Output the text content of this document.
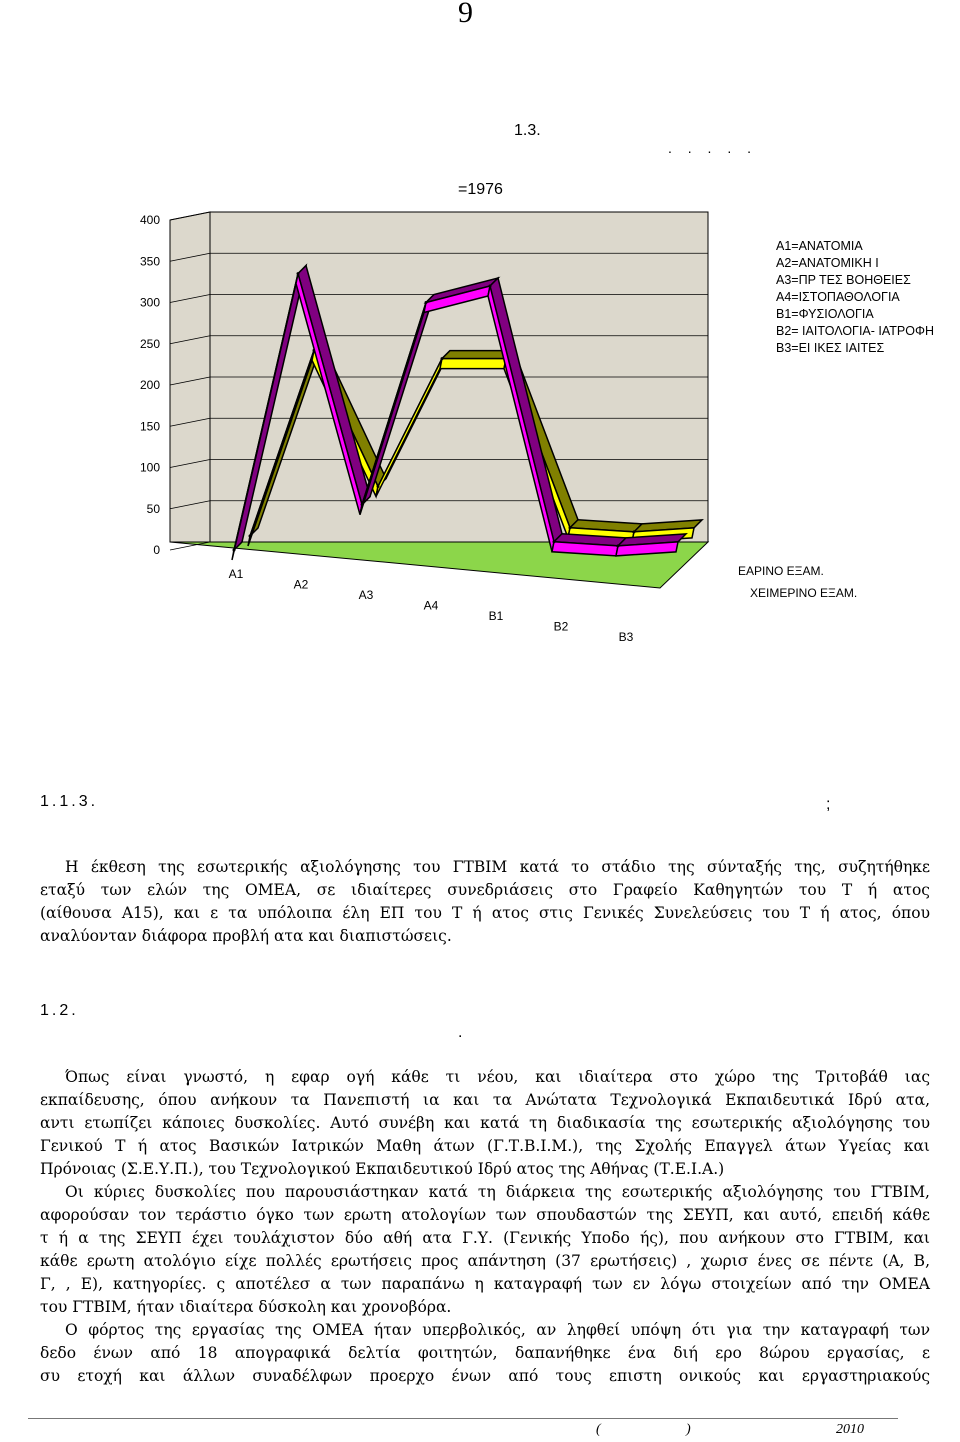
9
1.3.
. . . . .
0
50
100
150
200
250
300
350
400
Α1
Α2
Α3
Α4
Β1
Β2
Β3
ΕΑΡΙΝΟ ΕΞΑΜ.
ΧΕΙΜΕΡΙΝΟ ΕΞΑΜ.
=1976
Α1=ΑΝΑΤΟΜΙΑ
Α2=ΑΝΑΤΟΜΙΚΗ Ι
Α3=ΠΡ ΤΕΣ ΒΟΗΘΕΙΕΣ
Α4=ΙΣΤΟΠΑΘΟΛΟΓΙΑ
Β1=ΦΥΣΙΟΛΟΓΙΑ
Β2= ΙΑΙΤΟΛΟΓΙΑ- ΙΑΤΡΟΦΗ
Β3=ΕΙ ΙΚΕΣ ΙΑΙΤΕΣ
1.1.3.	;
Η έκθεση της εσωτερικής αξιολόγησης του ΓΤΒΙΜ κατά το στάδιο της σύνταξής της, συζητήθηκε
εταξύ των ελών της ΟΜΕΑ, σε ιδιαίτερες συνεδριάσεις στο Γραφείο Καθηγητών του Τ ή ατος
(αίθουσα Α15), και ε τα υπόλοιπα έλη ΕΠ του Τ ή ατος στις Γενικές Συνελεύσεις του Τ ή ατος, όπου
αναλύονταν διάφορα προβλή ατα και διαπιστώσεις.
1.2.
.
Όπως είναι γνωστό, η εφαρ ογή κάθε τι νέου, και ιδιαίτερα στο χώρο της Τριτοβάθ ιας
εκπαίδευσης, όπου ανήκουν τα Πανεπιστή ια και τα Ανώτατα Τεχνολογικά Εκπαιδευτικά Ιδρύ ατα,
αντι ετωπίζει κάποιες δυσκολίες. Αυτό συνέβη και κατά τη διαδικασία της εσωτερικής αξιολόγησης του
Γενικού Τ ή ατος Βασικών Ιατρικών Μαθη άτων (Γ.Τ.Β.Ι.Μ.), της Σχολής Επαγγελ άτων Υγείας και
Πρόνοιας (Σ.Ε.Υ.Π.), του Τεχνολογικού Εκπαιδευτικού Ιδρύ ατος της Αθήνας (Τ.Ε.Ι.Α.)
Οι κύριες δυσκολίες που παρουσιάστηκαν κατά τη διάρκεια της εσωτερικής αξιολόγησης του ΓΤΒΙΜ,
αφορούσαν τον τεράστιο όγκο των ερωτη ατολογίων των σπουδαστών της ΣΕΥΠ, και αυτό, επειδή κάθε
τ ή α της ΣΕΥΠ έχει τουλάχιστον δύο αθή ατα Γ.Υ. (Γενικής Υποδο ής), που ανήκουν στο ΓΤΒΙΜ, και
κάθε ερωτη ατολόγιο είχε πολλές ερωτήσεις προς απάντηση (37 ερωτήσεις) , χωρισ ένες σε πέντε (Α, Β,
Γ, , Ε), κατηγορίες. ς αποτέλεσ α των παραπάνω η καταγραφή των εν λόγω στοιχείων από την ΟΜΕΑ
του ΓΤΒΙΜ, ήταν ιδιαίτερα δύσκολη και χρονοβόρα.
Ο φόρτος της εργασίας της ΟΜΕΑ ήταν υπερβολικός, αν ληφθεί υπόψη ότι για την καταγραφή των
δεδο ένων από 18 απογραφικά δελτία φοιτητών, δαπανήθηκε ένα διή ερο 8ώρου εργασίας, ε
συ ετοχή και άλλων συναδέλφων προερχο ένων από τους επιστη ονικούς και εργαστηριακούς
(	)	2010
